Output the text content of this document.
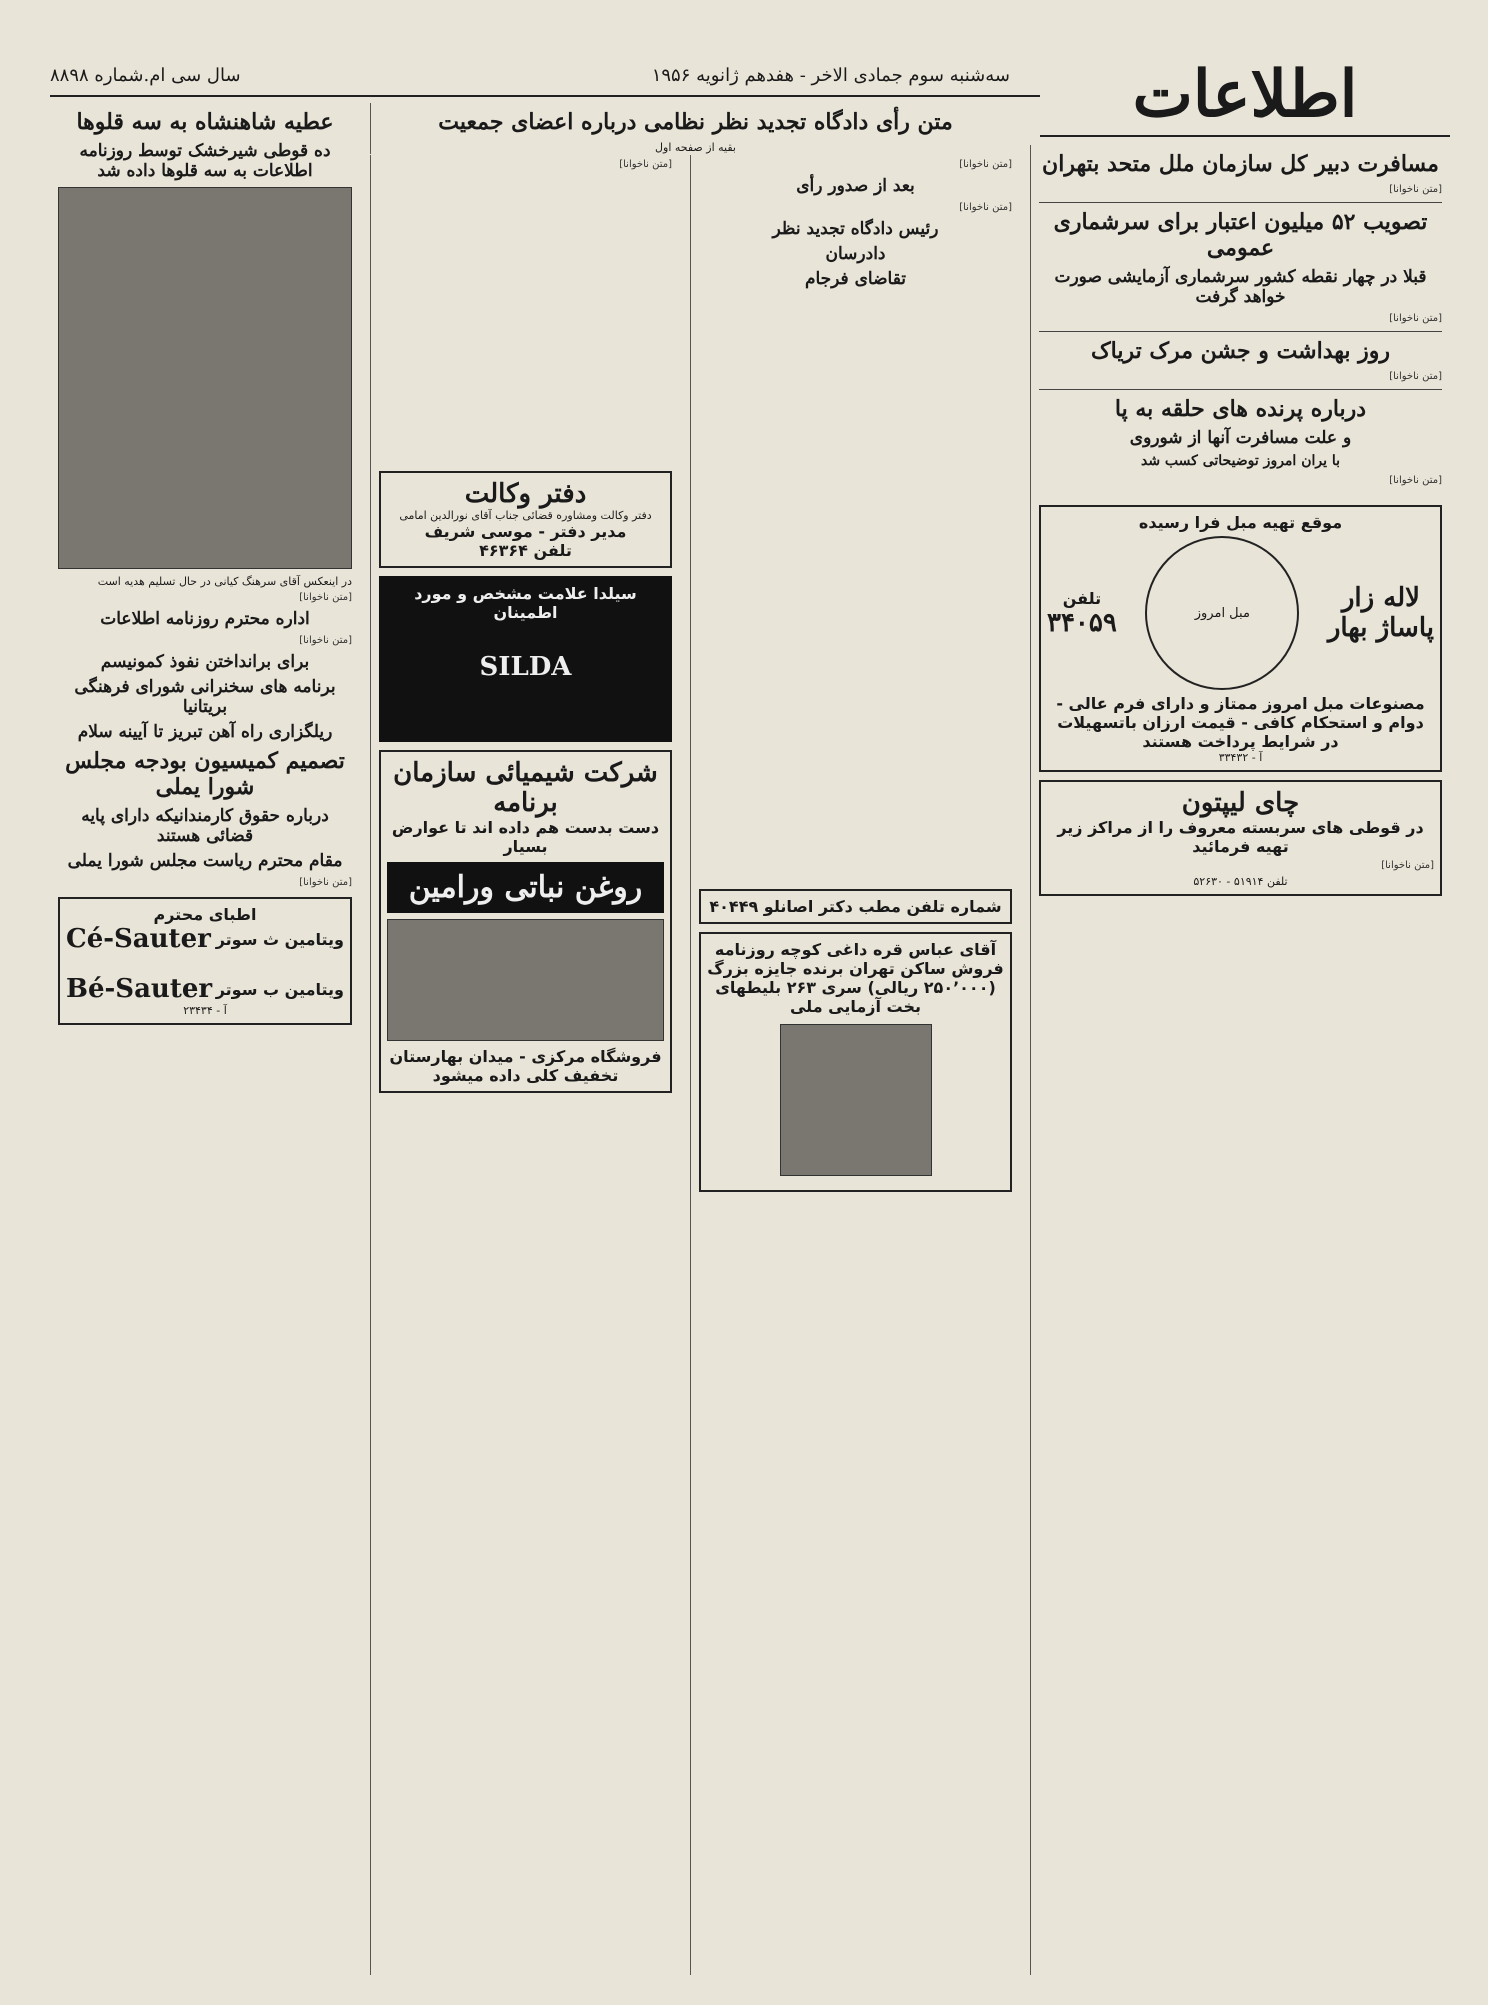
سه‌شنبه سوم جمادی الاخر - هفدهم ژانویه ۱۹۵۶
سال سی ام.شماره ۸۸۹۸	اطلاعات
مسافرت دبیر کل سازمان ملل متحد بتهران

[متن ناخوانا]

تصویب ۵۲ میلیون اعتبار برای سرشماری عمومی
قبلا در چهار نقطه کشور سرشماری آزمایشی صورت خواهد گرفت

[متن ناخوانا]

روز بهداشت و جشن مرک تریاک

[متن ناخوانا]

درباره پرنده های حلقه به پا
و علت مسافرت آنها از شوروی
با یران امروز توضیحاتی کسب شد

[متن ناخوانا]

موقع تهیه مبل فرا رسیده
لاله زار
پاساژ بهار
مبل امروز
تلفن
۳۴۰۵۹
مصنوعات مبل امروز ممتاز و دارای فرم عالی - دوام و استحکام کافی - قیمت ارزان باتسهیلات در شرایط پرداخت هستند
آ - ۳۳۴۳۲
چای لیپتون
در قوطی های سربسته معروف را از مراکز زیر تهیه فرمائید

[متن ناخوانا]

تلفن ۵۱۹۱۴ - ۵۲۶۳۰
متن رأی دادگاه تجدید نظر نظامی درباره اعضای جمعیت
بقیه از صفحه اول

[متن ناخوانا]

بعد از صدور رأی

[متن ناخوانا]

رئیس دادگاه تجدید نظر
دادرسان
تقاضای فرجام
شماره تلفن مطب دکتر اصانلو ۴۰۴۴۹
آقای عباس قره داغی کوچه روزنامه فروش ساکن تهران برنده جایزه بزرگ (۲۵۰٬۰۰۰ ریالی) سری ۲۶۳ بلیطهای بخت آزمایی ملی

[متن ناخوانا]

دفتر وکالت
دفتر وکالت ومشاوره قضائی جناب آقای نورالدین امامی
مدیر دفتر - موسی شریف
تلفن ۴۶۳۶۴
سیلدا علامت مشخص و مورد اطمینان
SILDA
شرکت شیمیائی سازمان برنامه
دست بدست هم داده اند تا عوارض بسیار
روغن نباتی ورامین
فروشگاه مرکزی - میدان بهارستان
تخفیف کلی داده میشود
عطیه شاهنشاه به سه قلوها
ده قوطی شیرخشک توسط روزنامه اطلاعات به سه قلوها داده شد
در اینعکس آقای سرهنگ کیانی در حال تسلیم هدیه است

[متن ناخوانا]

اداره محترم روزنامه اطلاعات

[متن ناخوانا]

برای برانداختن نفوذ کمونیسم
برنامه های سخنرانی شورای فرهنگی بریتانیا
ریلگزاری راه آهن تبریز تا آیینه سلام
تصمیم کمیسیون بودجه مجلس شورا یملی
درباره حقوق کارمندانیکه دارای پایه قضائی هستند
مقام محترم ریاست مجلس شورا یملی

[متن ناخوانا]

اطبای محترم
ویتامین ث سوتر
Cé-Sauter
ویتامین ب سوتر
Bé-Sauter
آ - ۲۳۴۳۴
